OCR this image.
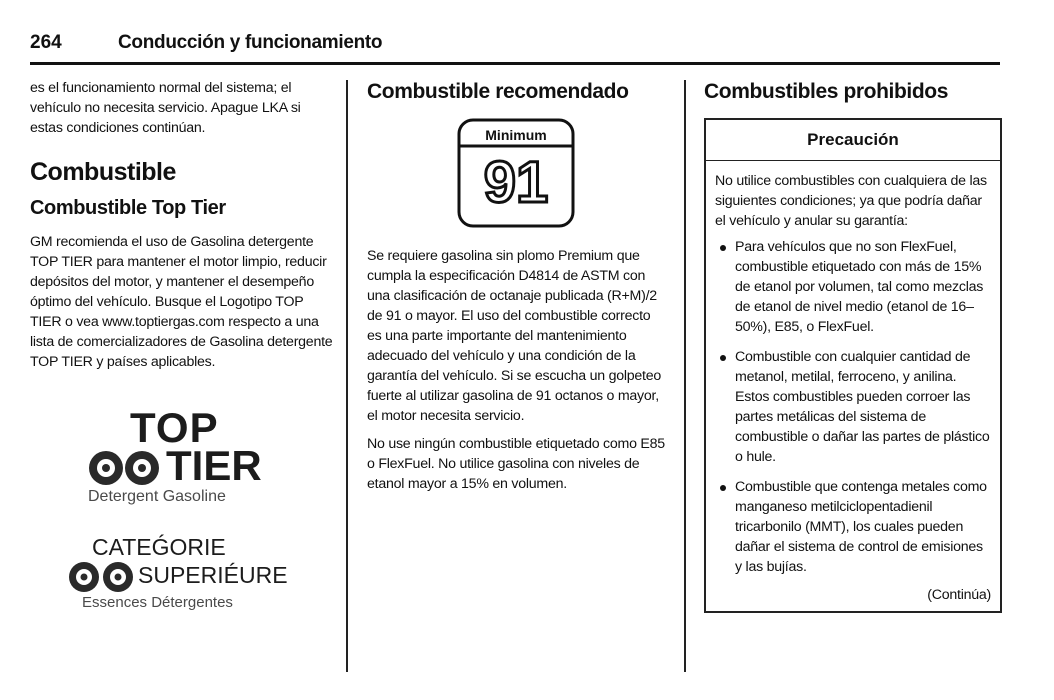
264	Conducción y funcionamiento

es el funcionamiento normal del sistema; el vehículo no necesita servicio. Apague LKA si estas condiciones continúan.

Combustible
Combustible Top Tier

GM recomienda el uso de Gasolina detergente TOP TIER para mantener el motor limpio, reducir depósitos del motor, y mantener el desempeño óptimo del vehículo. Busque el Logotipo TOP TIER o vea www.toptiergas.com respecto a una lista de comercializadores de Gasolina detergente TOP TIER y países aplicables.

TOP
TIER
Detergent Gasoline
CATEǴORIE
SUPERIÉURE
Essences Détergentes
Combustible recomendado
Minimum
91

Se requiere gasolina sin plomo Premium que cumpla la especificación D4814 de ASTM con una clasificación de octanaje publicada (R+M)/2 de 91 o mayor. El uso del combustible correcto es una parte importante del mantenimiento adecuado del vehículo y una condición de la garantía del vehículo. Si se escucha un golpeteo fuerte al utilizar gasolina de 91 octanos o mayor, el motor necesita servicio.

No use ningún combustible etiquetado como E85 o FlexFuel. No utilice gasolina con niveles de etanol mayor a 15% en volumen.

Combustibles prohibidos
Precaución

No utilice combustibles con cualquiera de las siguientes condiciones; ya que podría dañar el vehículo y anular su garantía:

Para vehículos que no son FlexFuel, combustible etiquetado con más de 15% de etanol por volumen, tal como mezclas de etanol de nivel medio (etanol de 16–50%), E85, o FlexFuel.
Combustible con cualquier cantidad de metanol, metilal, ferroceno, y anilina. Estos combustibles pueden corroer las partes metálicas del sistema de combustible o dañar las partes de plástico o hule.
Combustible que contenga metales como manganeso metilciclopentadienil tricarbonilo (MMT), los cuales pueden dañar el sistema de control de emisiones y las bujías.

(Continúa)
